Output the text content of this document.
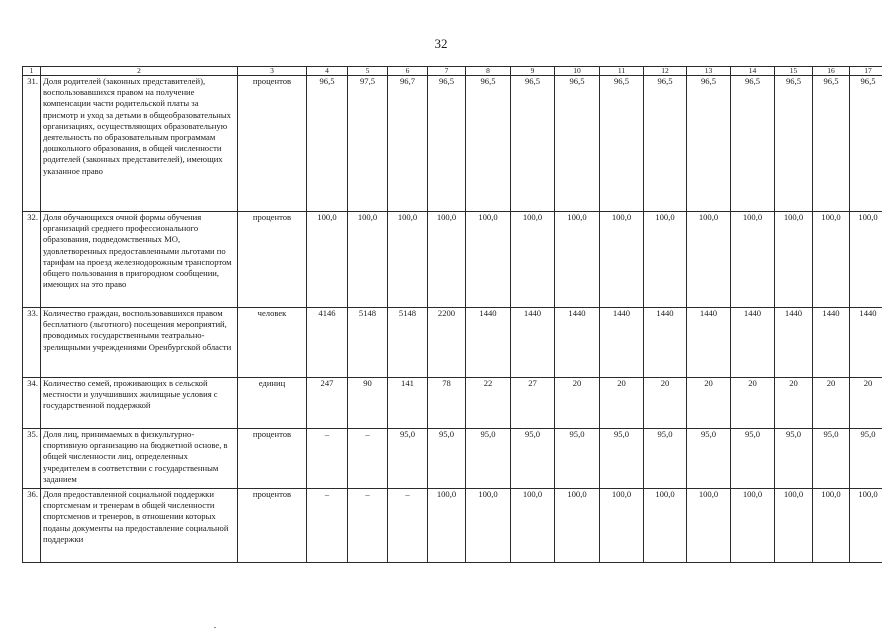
32
1	2	3	4	5	6	7	8	9	10	11	12	13	14	15	16	17
31.	Доля родителей (законных представителей), воспользовавшихся правом на получение компенсации части родительской платы за присмотр и уход за детьми в общеобразовательных организациях, осуществляющих образовательную деятельность по образовательным программам дошкольного образования, в общей численности родителей (законных представителей), имеющих указанное право	процентов	96,5	97,5	96,7	96,5	96,5	96,5	96,5	96,5	96,5	96,5	96,5	96,5	96,5	96,5
32.	Доля обучающихся очной формы обучения организаций среднего профессионального образования, подведомственных МО, удовлетворенных предоставленными льготами по тарифам на проезд железнодорожным транспортом общего пользования в пригородном сообщении, имеющих на это право	процентов	100,0	100,0	100,0	100,0	100,0	100,0	100,0	100,0	100,0	100,0	100,0	100,0	100,0	100,0
33.	Количество граждан, воспользовавшихся правом бесплатного (льготного) посещения мероприятий, проводимых государственными театрально-зрелищными учреждениями Оренбургской области	человек	4146	5148	5148	2200	1440	1440	1440	1440	1440	1440	1440	1440	1440	1440
34.	Количество семей, проживающих в сельской местности и улучшивших жилищные условия с государственной поддержкой	единиц	247	90	141	78	22	27	20	20	20	20	20	20	20	20
35.	Доля лиц, принимаемых в физкультурно-спортивную организацию на бюджетной основе, в общей численности лиц, определенных учредителем в соответствии с государственным заданием	процентов	–	–	95,0	95,0	95,0	95,0	95,0	95,0	95,0	95,0	95,0	95,0	95,0	95,0
36.	Доля предоставленной социальной поддержки спортсменам и тренерам в общей численности спортсменов и тренеров, в отношении которых поданы документы на предоставление социальной поддержки	процентов	–	–	–	100,0	100,0	100,0	100,0	100,0	100,0	100,0	100,0	100,0	100,0	100,0
